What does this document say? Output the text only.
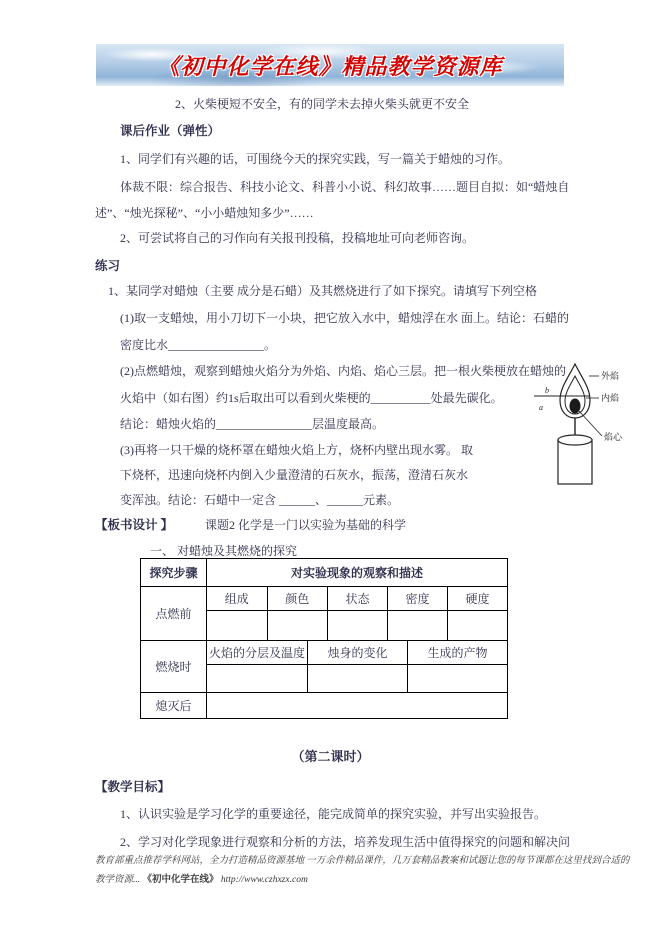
《初中化学在线》精品教学资源库
2、火柴梗短不安全，有的同学未去掉火柴头就更不安全
课后作业（弹性）
1、同学们有兴趣的话，可围绕今天的探究实践，写一篇关于蜡烛的习作。
体裁不限：综合报告、科技小论文、科普小小说、科幻故事……题目自拟：如“蜡烛自
述”、“烛光探秘”、“小小蜡烛知多少”……
2、可尝试将自己的习作向有关报刊投稿，投稿地址可向老师咨询。
练习
1、某同学对蜡烛（主要 成分是石蜡）及其燃烧进行了如下探究。请填写下列空格
(1)取一支蜡烛，用小刀切下一小块，把它放入水中，蜡烛浮在水 面上。结论：石蜡的
密度比水________________。
(2)点燃蜡烛，观察到蜡烛火焰分为外焰、内焰、焰心三层。把一根火柴梗放在蜡烛的
火焰中（如右图）约1s后取出可以看到火柴梗的__________处最先碳化。
结论：蜡烛火焰的________________层温度最高。
(3)再将一只干燥的烧杯罩在蜡烛火焰上方，烧杯内壁出现水雾。 取
下烧杯，迅速向烧杯内倒入少量澄清的石灰水，振荡，澄清石灰水
变浑浊。结论：石蜡中一定含 ______、______元素。
【板书设计 】	课题2 化学是一门以实验为基础的科学
一、 对蜡烛及其燃烧的探究
b
a
外焰
内焰
焰心
探究步骤	对实验现象的观察和描述						
点燃前	组成	颜色		状态	密度		硬度

燃烧时	火焰的分层及温度		烛身的变化			生成的产物	

熄灭后							
（第二课时）
【教学目标】
1、认识实验是学习化学的重要途径，能完成简单的探究实验，并写出实验报告。
2、学习对化学现象进行观察和分析的方法，培养发现生活中值得探究的问题和解决问
教育部重点推荐学科网站，全力打造精品资源基地 一万余件精品课件，几万套精品教案和试题让您的每节课都在这里找到合适的
教学资源... 《初中化学在线》 http://www.czhxzx.com
